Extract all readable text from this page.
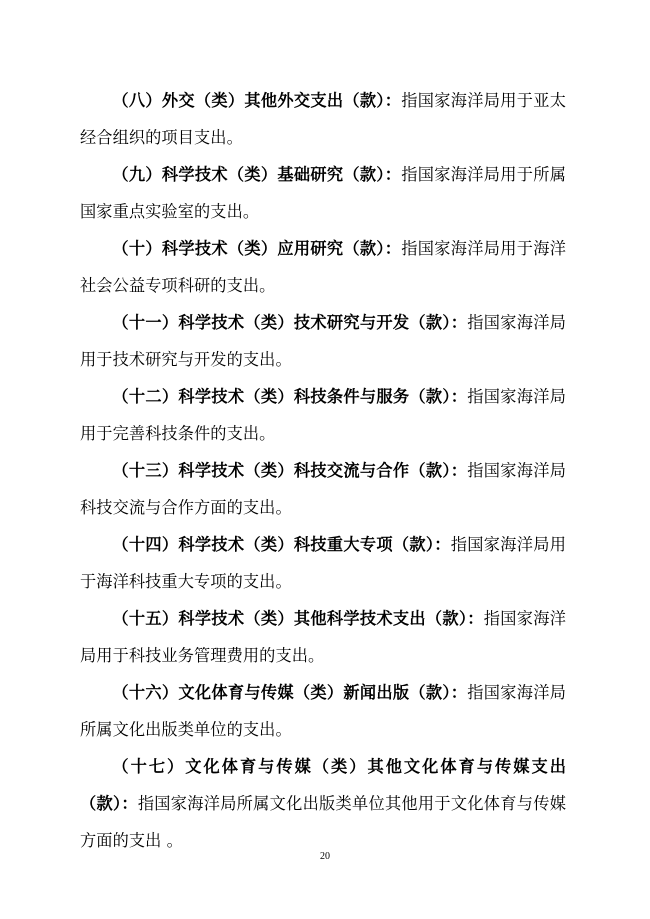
（八）外交（类）其他外交支出（款）：指国家海洋局用于亚太经合组织的项目支出。

（九）科学技术（类）基础研究（款）：指国家海洋局用于所属国家重点实验室的支出。

（十）科学技术（类）应用研究（款）：指国家海洋局用于海洋社会公益专项科研的支出。

（十一）科学技术（类）技术研究与开发（款）：指国家海洋局用于技术研究与开发的支出。

（十二）科学技术（类）科技条件与服务（款）：指国家海洋局用于完善科技条件的支出。

（十三）科学技术（类）科技交流与合作（款）：指国家海洋局科技交流与合作方面的支出。

（十四）科学技术（类）科技重大专项（款）：指国家海洋局用于海洋科技重大专项的支出。

（十五）科学技术（类）其他科学技术支出（款）：指国家海洋局用于科技业务管理费用的支出。

（十六）文化体育与传媒（类）新闻出版（款）：指国家海洋局所属文化出版类单位的支出。

（十七）文化体育与传媒（类）其他文化体育与传媒支出（款）：指国家海洋局所属文化出版类单位其他用于文化体育与传媒方面的支出 。

20
